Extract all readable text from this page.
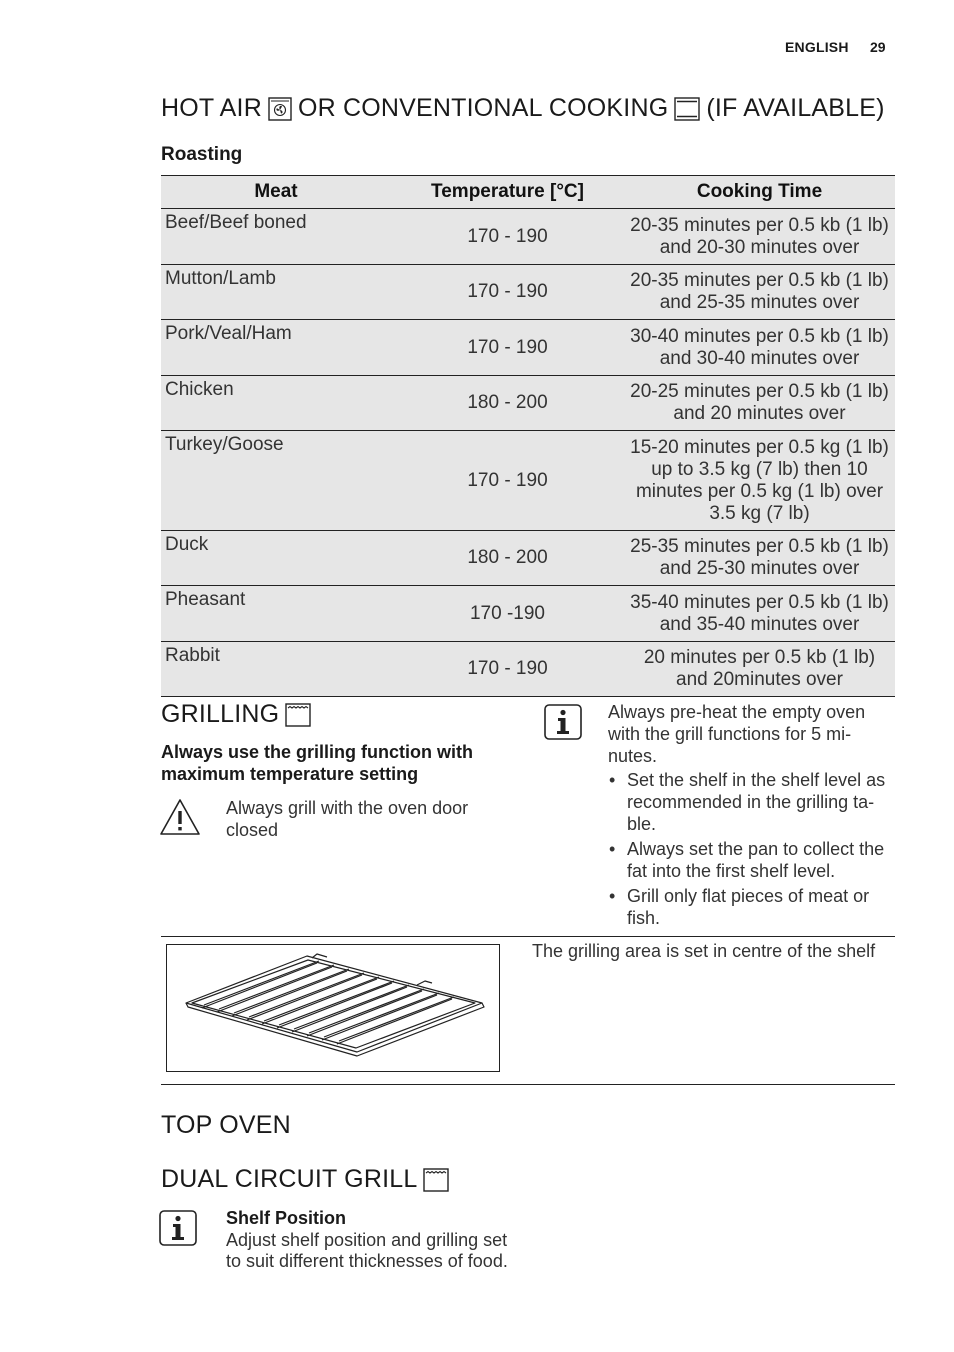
ENGLISH 29
HOT AIR OR CONVENTIONAL COOKING (IF AVAILABLE)
Roasting
Meat	Temperature [°C]	Cooking Time
Beef/Beef boned	170 - 190	20-35 minutes per 0.5 kb (1 lb) and 20-30 minutes over
Mutton/Lamb	170 - 190	20-35 minutes per 0.5 kb (1 lb) and 25-35 minutes over
Pork/Veal/Ham	170 - 190	30-40 minutes per 0.5 kb (1 lb) and 30-40 minutes over
Chicken	180 - 200	20-25 minutes per 0.5 kb (1 lb) and 20 minutes over
Turkey/Goose	170 - 190	15-20 minutes per 0.5 kg (1 lb) up to 3.5 kg (7 lb) then 10 minutes per 0.5 kg (1 lb) over 3.5 kg (7 lb)
Duck	180 - 200	25-35 minutes per 0.5 kb (1 lb) and 25-30 minutes over
Pheasant	170 -190	35-40 minutes per 0.5 kb (1 lb) and 35-40 minutes over
Rabbit	170 - 190	20 minutes per 0.5 kb (1 lb) and 20minutes over
GRILLING
Always use the grilling function with maximum temperature setting
Always grill with the oven door closed
Always pre-heat the empty oven with the grill functions for 5 mi-nutes.
• Set the shelf in the shelf level as recommended in the grilling ta-ble.
• Always set the pan to collect the fat into the first shelf level.
• Grill only flat pieces of meat or fish.
The grilling area is set in centre of the shelf
TOP OVEN
DUAL CIRCUIT GRILL
Shelf Position
Adjust shelf position and grilling set to suit different thicknesses of food.
